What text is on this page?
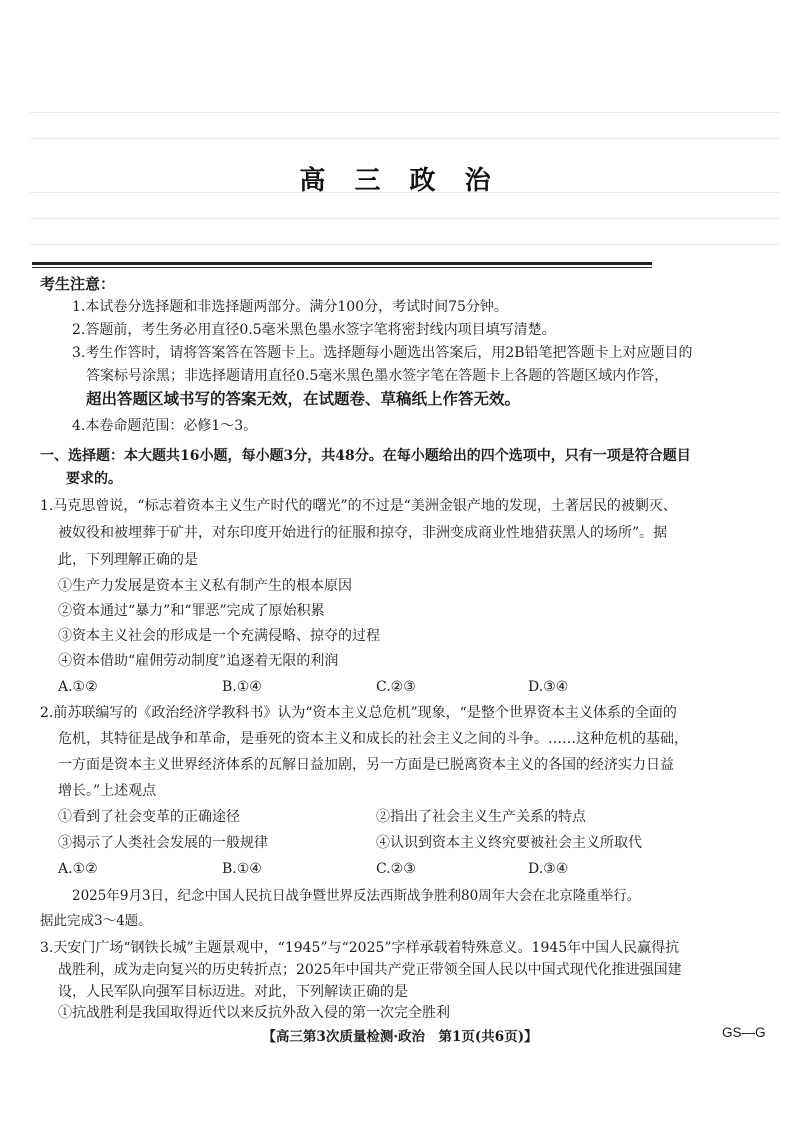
高 三 政 治
考生注意：
1.本试卷分选择题和非选择题两部分。满分100分，考试时间75分钟。
2.答题前，考生务必用直径0.5毫米黑色墨水签字笔将密封线内项目填写清楚。
3.考生作答时，请将答案答在答题卡上。选择题每小题选出答案后，用2B铅笔把答题卡上对应题目的
答案标号涂黑；非选择题请用直径0.5毫米黑色墨水签字笔在答题卡上各题的答题区域内作答，
超出答题区域书写的答案无效，在试题卷、草稿纸上作答无效。
4.本卷命题范围：必修1～3。
一、选择题：本大题共16小题，每小题3分，共48分。在每小题给出的四个选项中，只有一项是符合题目
要求的。
1.马克思曾说，“标志着资本主义生产时代的曙光”的不过是“美洲金银产地的发现，土著居民的被剿灭、
被奴役和被埋葬于矿井，对东印度开始进行的征服和掠夺，非洲变成商业性地猎获黑人的场所”。据
此，下列理解正确的是
①生产力发展是资本主义私有制产生的根本原因
②资本通过“暴力”和“罪恶”完成了原始积累
③资本主义社会的形成是一个充满侵略、掠夺的过程
④资本借助“雇佣劳动制度”追逐着无限的利润
A.①②	B.①④	C.②③	D.③④
2.前苏联编写的《政治经济学教科书》认为“资本主义总危机”现象，“是整个世界资本主义体系的全面的
危机，其特征是战争和革命，是垂死的资本主义和成长的社会主义之间的斗争。……这种危机的基础，
一方面是资本主义世界经济体系的瓦解日益加剧，另一方面是已脱离资本主义的各国的经济实力日益
增长。”上述观点
①看到了社会变革的正确途径	②指出了社会主义生产关系的特点
③揭示了人类社会发展的一般规律	④认识到资本主义终究要被社会主义所取代
A.①②	B.①④	C.②③	D.③④
2025年9月3日，纪念中国人民抗日战争暨世界反法西斯战争胜利80周年大会在北京隆重举行。
据此完成3～4题。
3.天安门广场“钢铁长城”主题景观中，“1945”与“2025”字样承载着特殊意义。1945年中国人民赢得抗
战胜利，成为走向复兴的历史转折点；2025年中国共产党正带领全国人民以中国式现代化推进强国建
设，人民军队向强军目标迈进。对此，下列解读正确的是
【高三第3次质量检测·政治　第1页(共6页)】	GS—G
①抗战胜利是我国取得近代以来反抗外敌入侵的第一次完全胜利
